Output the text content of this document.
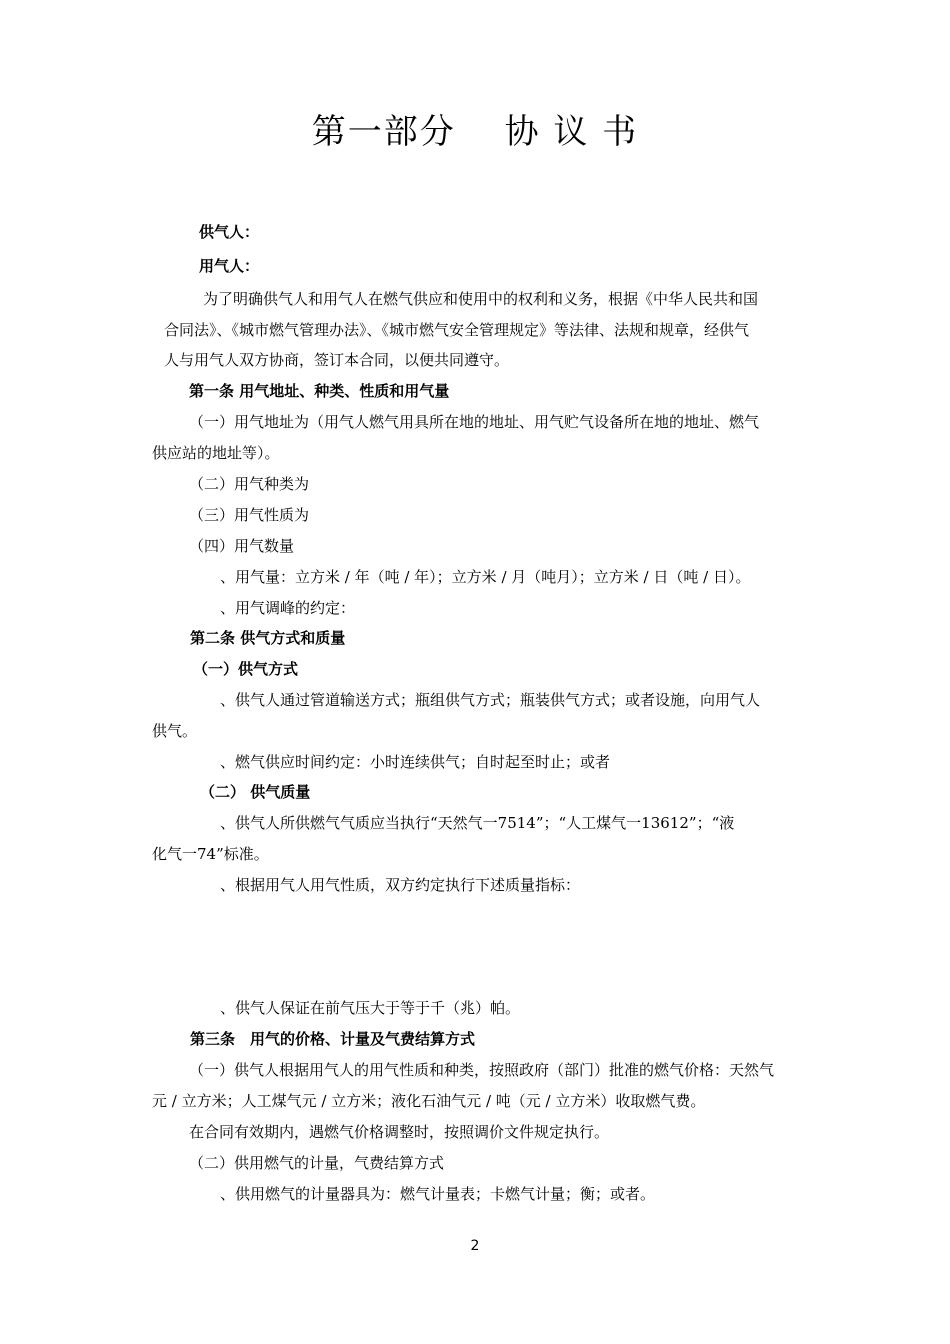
第一部分　 协 议 书
供气人：
用气人：
为了明确供气人和用气人在燃气供应和使用中的权利和义务，根据《中华人民共和国
合同法》、《城市燃气管理办法》、《城市燃气安全管理规定》等法律、法规和规章，经供气
人与用气人双方协商，签订本合同，以便共同遵守。
第一条 用气地址、种类、性质和用气量
（一）用气地址为（用气人燃气用具所在地的地址、用气贮气设备所在地的地址、燃气
供应站的地址等）。
（二）用气种类为
（三）用气性质为
（四）用气数量
、用气量：立方米 / 年（吨 / 年）；立方米 / 月（吨月）；立方米 / 日（吨 / 日）。
、用气调峰的约定：
第二条 供气方式和质量
（一）供气方式
、供气人通过管道输送方式；瓶组供气方式；瓶装供气方式；或者设施，向用气人
供气。
、燃气供应时间约定：小时连续供气；自时起至时止；或者
（二） 供气质量
、供气人所供燃气气质应当执行“天然气一7514”；“人工煤气一13612”；“液
化气一74”标准。
、根据用气人用气性质，双方约定执行下述质量指标：
、供气人保证在前气压大于等于千（兆）帕。
第三条　用气的价格、计量及气费结算方式
（一）供气人根据用气人的用气性质和种类，按照政府（部门）批准的燃气价格：天然气
元 / 立方米；人工煤气元 / 立方米；液化石油气元 / 吨（元 / 立方米）收取燃气费。
在合同有效期内，遇燃气价格调整时，按照调价文件规定执行。
（二）供用燃气的计量，气费结算方式
、供用燃气的计量器具为：燃气计量表；卡燃气计量；衡；或者。
2
